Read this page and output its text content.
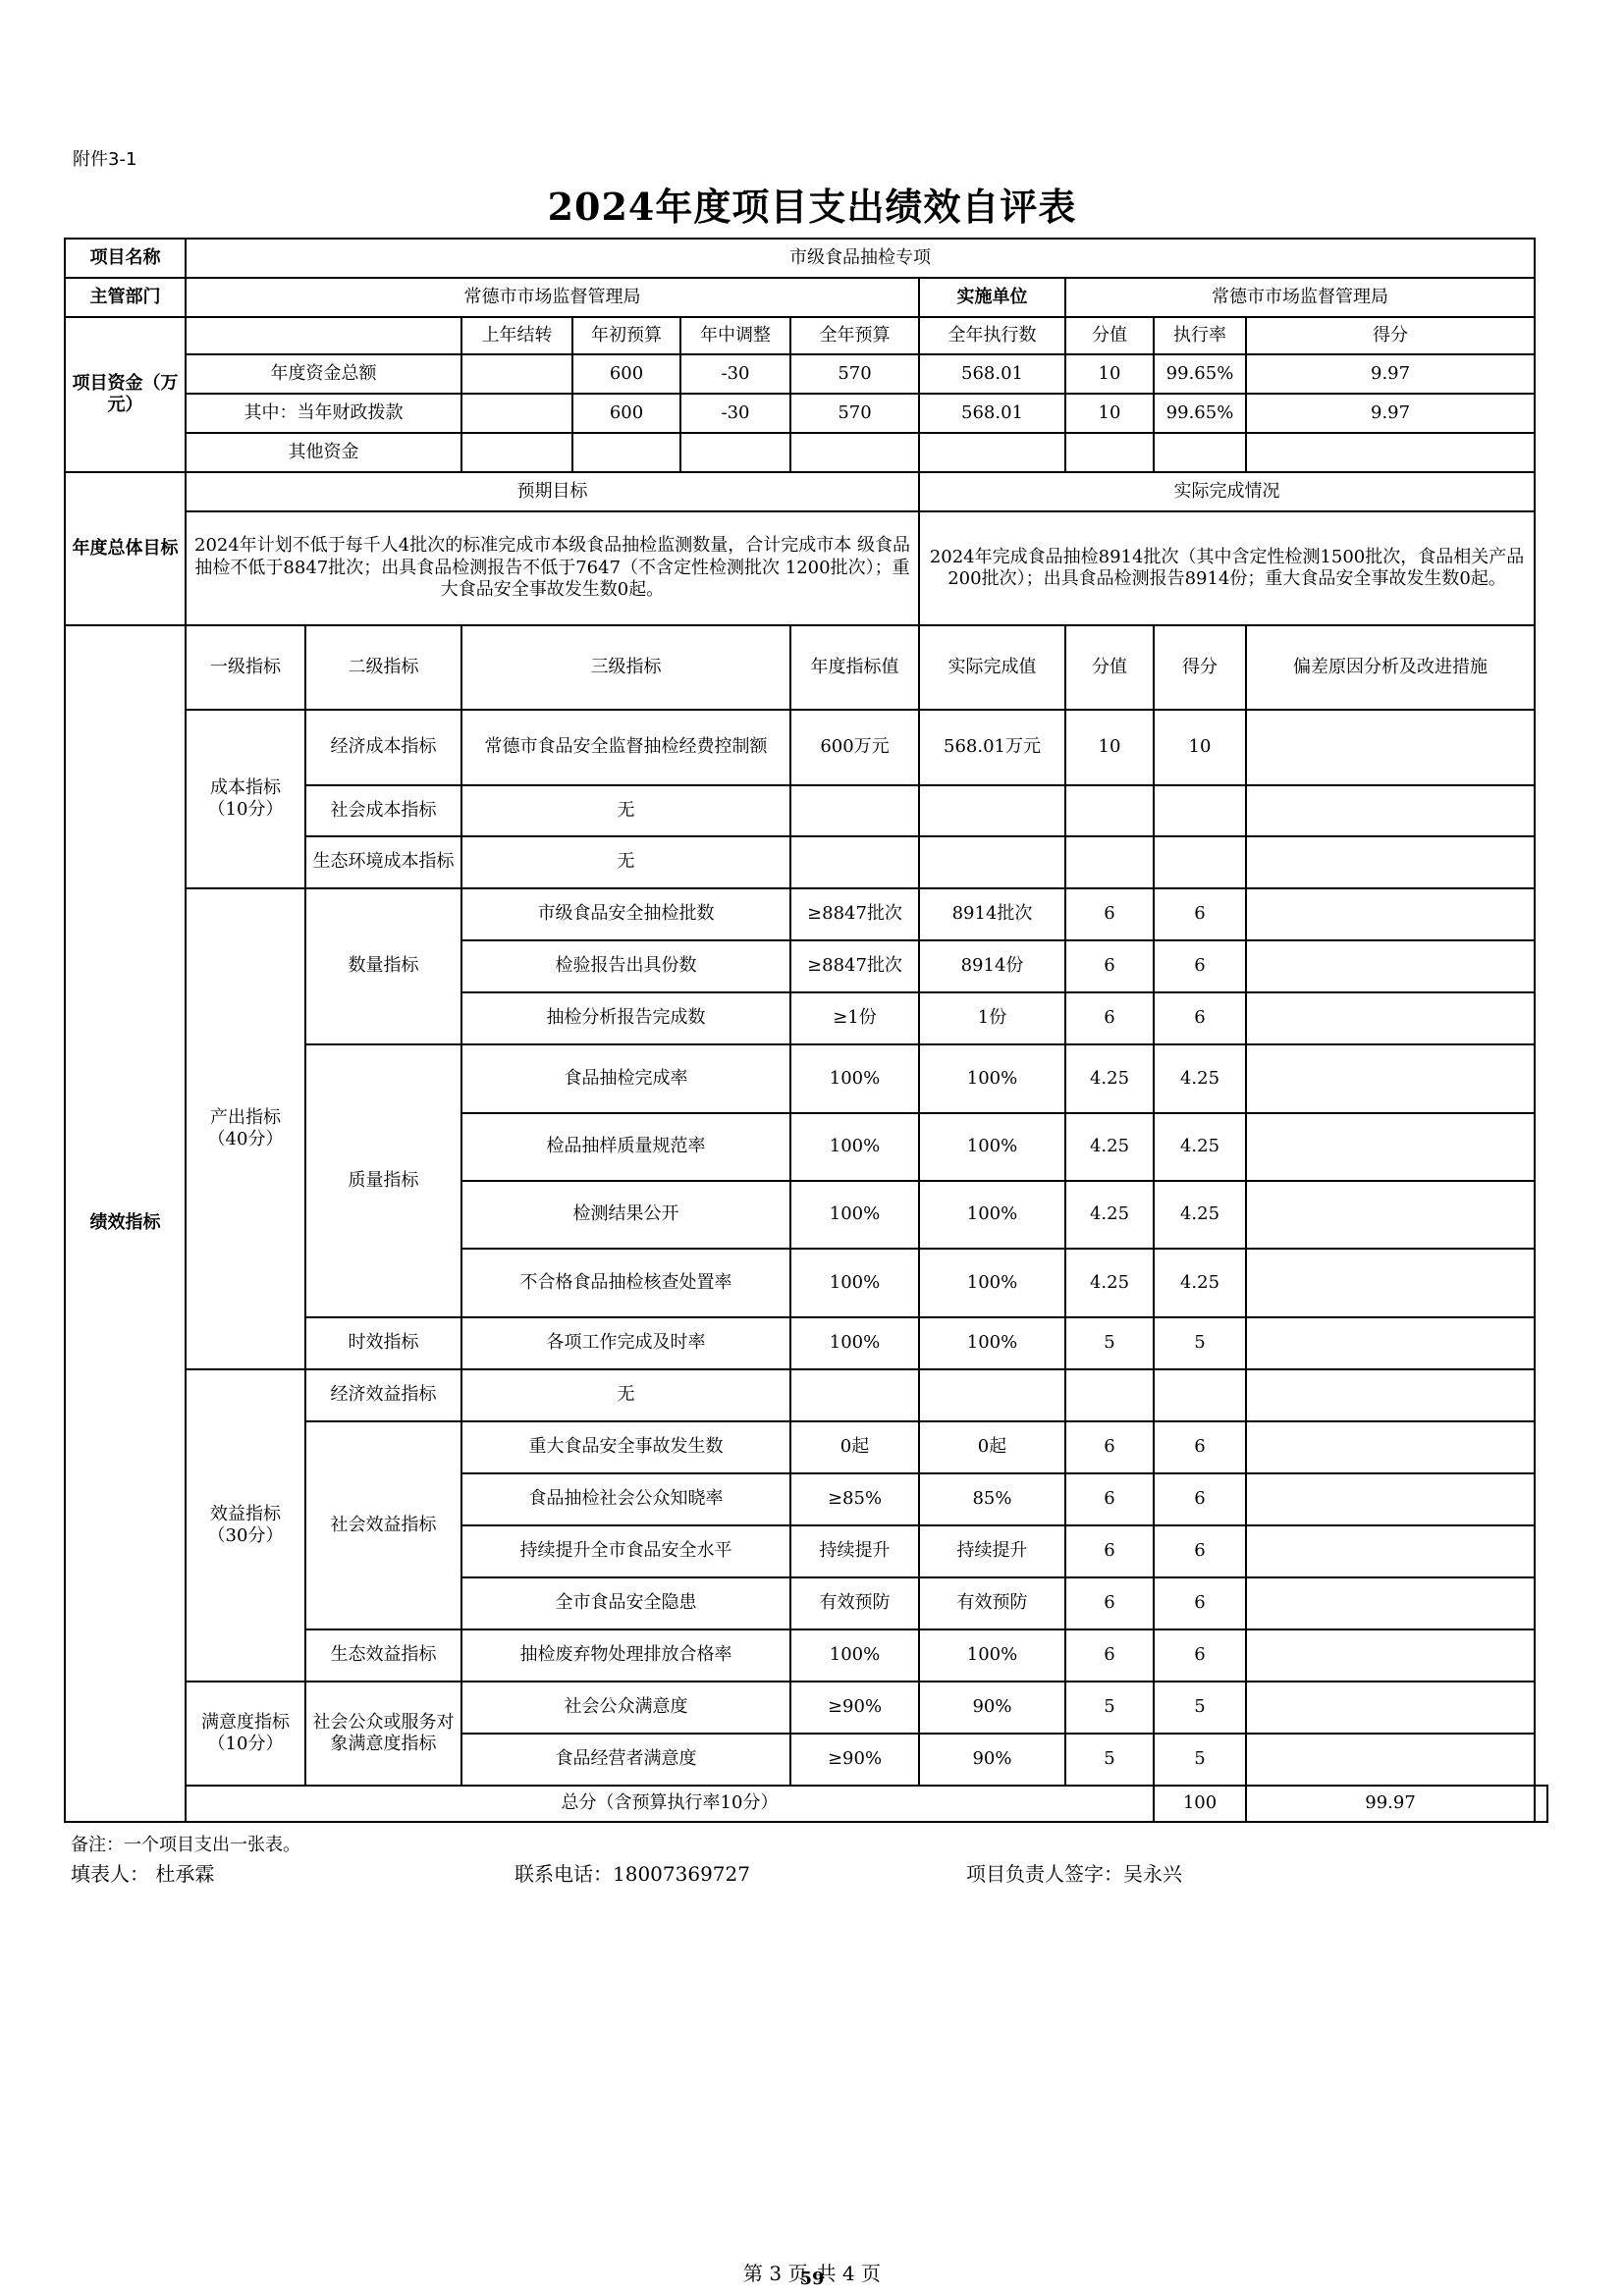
附件3-1
2024年度项目支出绩效自评表
项目名称	市级食品抽检专项										
主管部门	常德市市场监督管理局						实施单位	常德市市场监督管理局			
项目资金（万元）			上年结转	年初预算	年中调整	全年预算	全年执行数	分值	执行率	得分	
	年度资金总额			600	-30	570	568.01	10	99.65%	9.97	
	其中：当年财政拨款			600	-30	570	568.01	10	99.65%	9.97	
	其他资金										
年度总体目标	预期目标						实际完成情况				
	2024年计划不低于每千人4批次的标准完成市本级食品抽检监测数量，合计完成市本 级食品抽检不低于8847批次；出具食品检测报告不低于7647（不含定性检测批次 1200批次）；重大食品安全事故发生数0起。						2024年完成食品抽检8914批次（其中含定性检测1500批次，食品相关产品200批次）；出具食品检测报告8914份；重大食品安全事故发生数0起。				
绩效指标	一级指标	二级指标	三级指标			年度指标值	实际完成值	分值	得分	偏差原因分析及改进措施	
	成本指标（10分）	经济成本指标	常德市食品安全监督抽检经费控制额			600万元	568.01万元	10	10		
		社会成本指标	无								
		生态环境成本指标	无								
	产出指标（40分）	数量指标	市级食品安全抽检批数			≥8847批次	8914批次	6	6		
			检验报告出具份数			≥8847批次	8914份	6	6		
			抽检分析报告完成数			≥1份	1份	6	6		
		质量指标	食品抽检完成率			100%	100%	4.25	4.25		
			检品抽样质量规范率			100%	100%	4.25	4.25		
			检测结果公开			100%	100%	4.25	4.25		
			不合格食品抽检核查处置率			100%	100%	4.25	4.25		
		时效指标	各项工作完成及时率			100%	100%	5	5		
	效益指标（30分）	经济效益指标	无								
		社会效益指标	重大食品安全事故发生数			0起	0起	6	6		
			食品抽检社会公众知晓率			≥85%	85%	6	6		
			持续提升全市食品安全水平			持续提升	持续提升	6	6		
			全市食品安全隐患			有效预防	有效预防	6	6		
		生态效益指标	抽检废弃物处理排放合格率			100%	100%	6	6		
	满意度指标（10分）	社会公众或服务对象满意度指标	社会公众满意度			≥90%	90%	5	5		
			食品经营者满意度			≥90%	90%	5	5		
	总分（含预算执行率10分）								100	99.97	
备注：一个项目支出一张表。
填表人： 杜承霖	联系电话：18007369727	项目负责人签字：吴永兴
第 3 页59共 4 页
